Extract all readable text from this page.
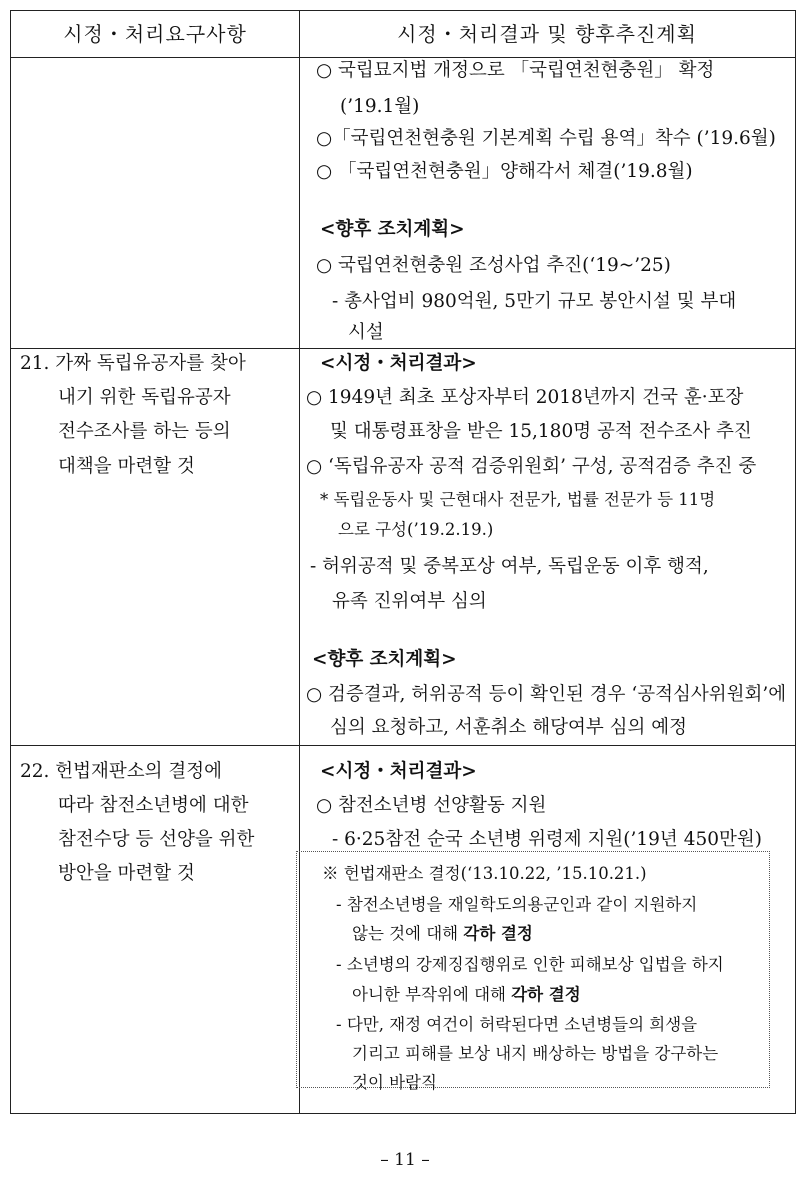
시정・처리요구사항	시정・처리결과 및 향후추진계획
○ 국립묘지법 개정으로 「국립연천현충원」 확정
(’19.1월)
○「국립연천현충원 기본계획 수립 용역」착수 (’19.6월)
○ 「국립연천현충원」양해각서 체결(’19.8월)
<향후 조치계획>
○ 국립연천현충원 조성사업 추진(‘19~’25)
- 총사업비 980억원, 5만기 규모 봉안시설 및 부대
시설
21. 가짜 독립유공자를 찾아
내기 위한 독립유공자
전수조사를 하는 등의
대책을 마련할 것
<시정・처리결과>
○ 1949년 최초 포상자부터 2018년까지 건국 훈·포장
및 대통령표창을 받은 15,180명 공적 전수조사 추진
○ ‘독립유공자 공적 검증위원회’ 구성, 공적검증 추진 중
* 독립운동사 및 근현대사 전문가, 법률 전문가 등 11명
으로 구성(’19.2.19.)
- 허위공적 및 중복포상 여부, 독립운동 이후 행적,
유족 진위여부 심의
<향후 조치계획>
○ 검증결과, 허위공적 등이 확인된 경우 ‘공적심사위원회’에
심의 요청하고, 서훈취소 해당여부 심의 예정
22. 헌법재판소의 결정에
따라 참전소년병에 대한
참전수당 등 선양을 위한
방안을 마련할 것
<시정・처리결과>
○ 참전소년병 선양활동 지원
- 6·25참전 순국 소년병 위령제 지원(’19년 450만원)
※ 헌법재판소 결정(‘13.10.22, ’15.10.21.)
- 참전소년병을 재일학도의용군인과 같이 지원하지
않는 것에 대해 각하 결정
- 소년병의 강제징집행위로 인한 피해보상 입법을 하지
아니한 부작위에 대해 각하 결정
- 다만, 재정 여건이 허락된다면 소년병들의 희생을
기리고 피해를 보상 내지 배상하는 방법을 강구하는
것이 바람직
– 11 –
